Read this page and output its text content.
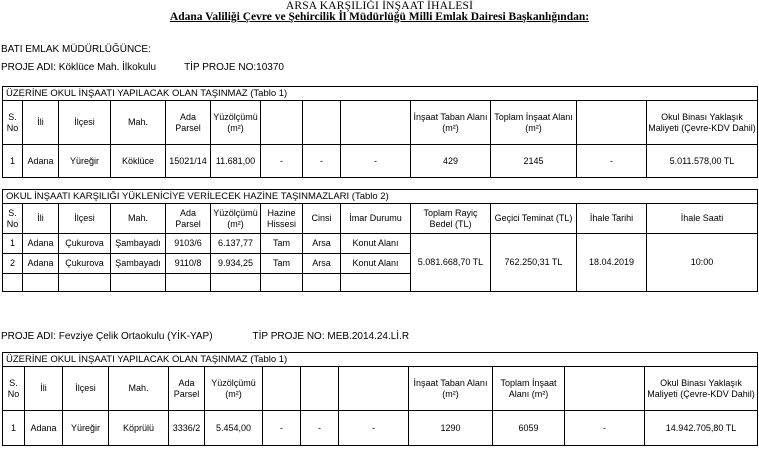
ARSA KARŞILIĞI İNŞAAT İHALESİ
Adana Valiliği Çevre ve Şehircilik İl Müdürlüğü Milli Emlak Dairesi Başkanlığından:
BATI EMLAK MÜDÜRLÜĞÜNCE:
PROJE ADI: Köklüce Mah. İlkokulu	TİP PROJE NO:10370
ÜZERİNE OKUL İNŞAATI YAPILACAK OLAN TAŞINMAZ (Tablo 1)												
S. No	İli	İlçesi	Mah.	Ada Parsel	Yüzölçümü (m²)				İnşaat Taban Alanı (m²)	Toplam İnşaat Alanı (m²)		Okul Binası Yaklaşık Maliyeti (Çevre-KDV Dahil)
1	Adana	Yüreğir	Köklüce	15021/14	11.681,00	-	-	-	429	2145	-	5.011.578,00 TL
OKUL İNŞAATI KARŞILIĞI YÜKLENİCİYE VERİLECEK HAZİNE TAŞINMAZLARI (Tablo 2)												
S. No	İli	İlçesi	Mah.	Ada Parsel	Yüzölçümü (m²)	Hazine Hissesi	Cinsi	İmar Durumu	Toplam Rayiç Bedel (TL)	Geçici Teminat (TL)	İhale Tarihi	İhale Saati
1	Adana	Çukurova	Şambayadı	9103/6	6.137,77	Tam	Arsa	Konut Alanı	5.081.668,70 TL	762.250,31 TL	18.04.2019	10:00
2	Adana	Çukurova	Şambayadı	9110/8	9.934,25	Tam	Arsa	Konut Alanı				

PROJE ADI: Fevziye Çelik Ortaokulu (YİK-YAP)	TİP PROJE NO: MEB.2014.24.Lİ.R
ÜZERİNE OKUL İNŞAATI YAPILACAK OLAN TAŞINMAZ (Tablo 1)												
S. No	İli	İlçesi	Mah.	Ada Parsel	Yüzölçümü (m²)				İnşaat Taban Alanı (m²)	Toplam İnşaat Alanı (m²)		Okul Binası Yaklaşık Maliyeti (Çevre-KDV Dahil)
1	Adana	Yüreğir	Köprülü	3336/2	5.454,00	-	-	-	1290	6059	-	14.942.705,80 TL
